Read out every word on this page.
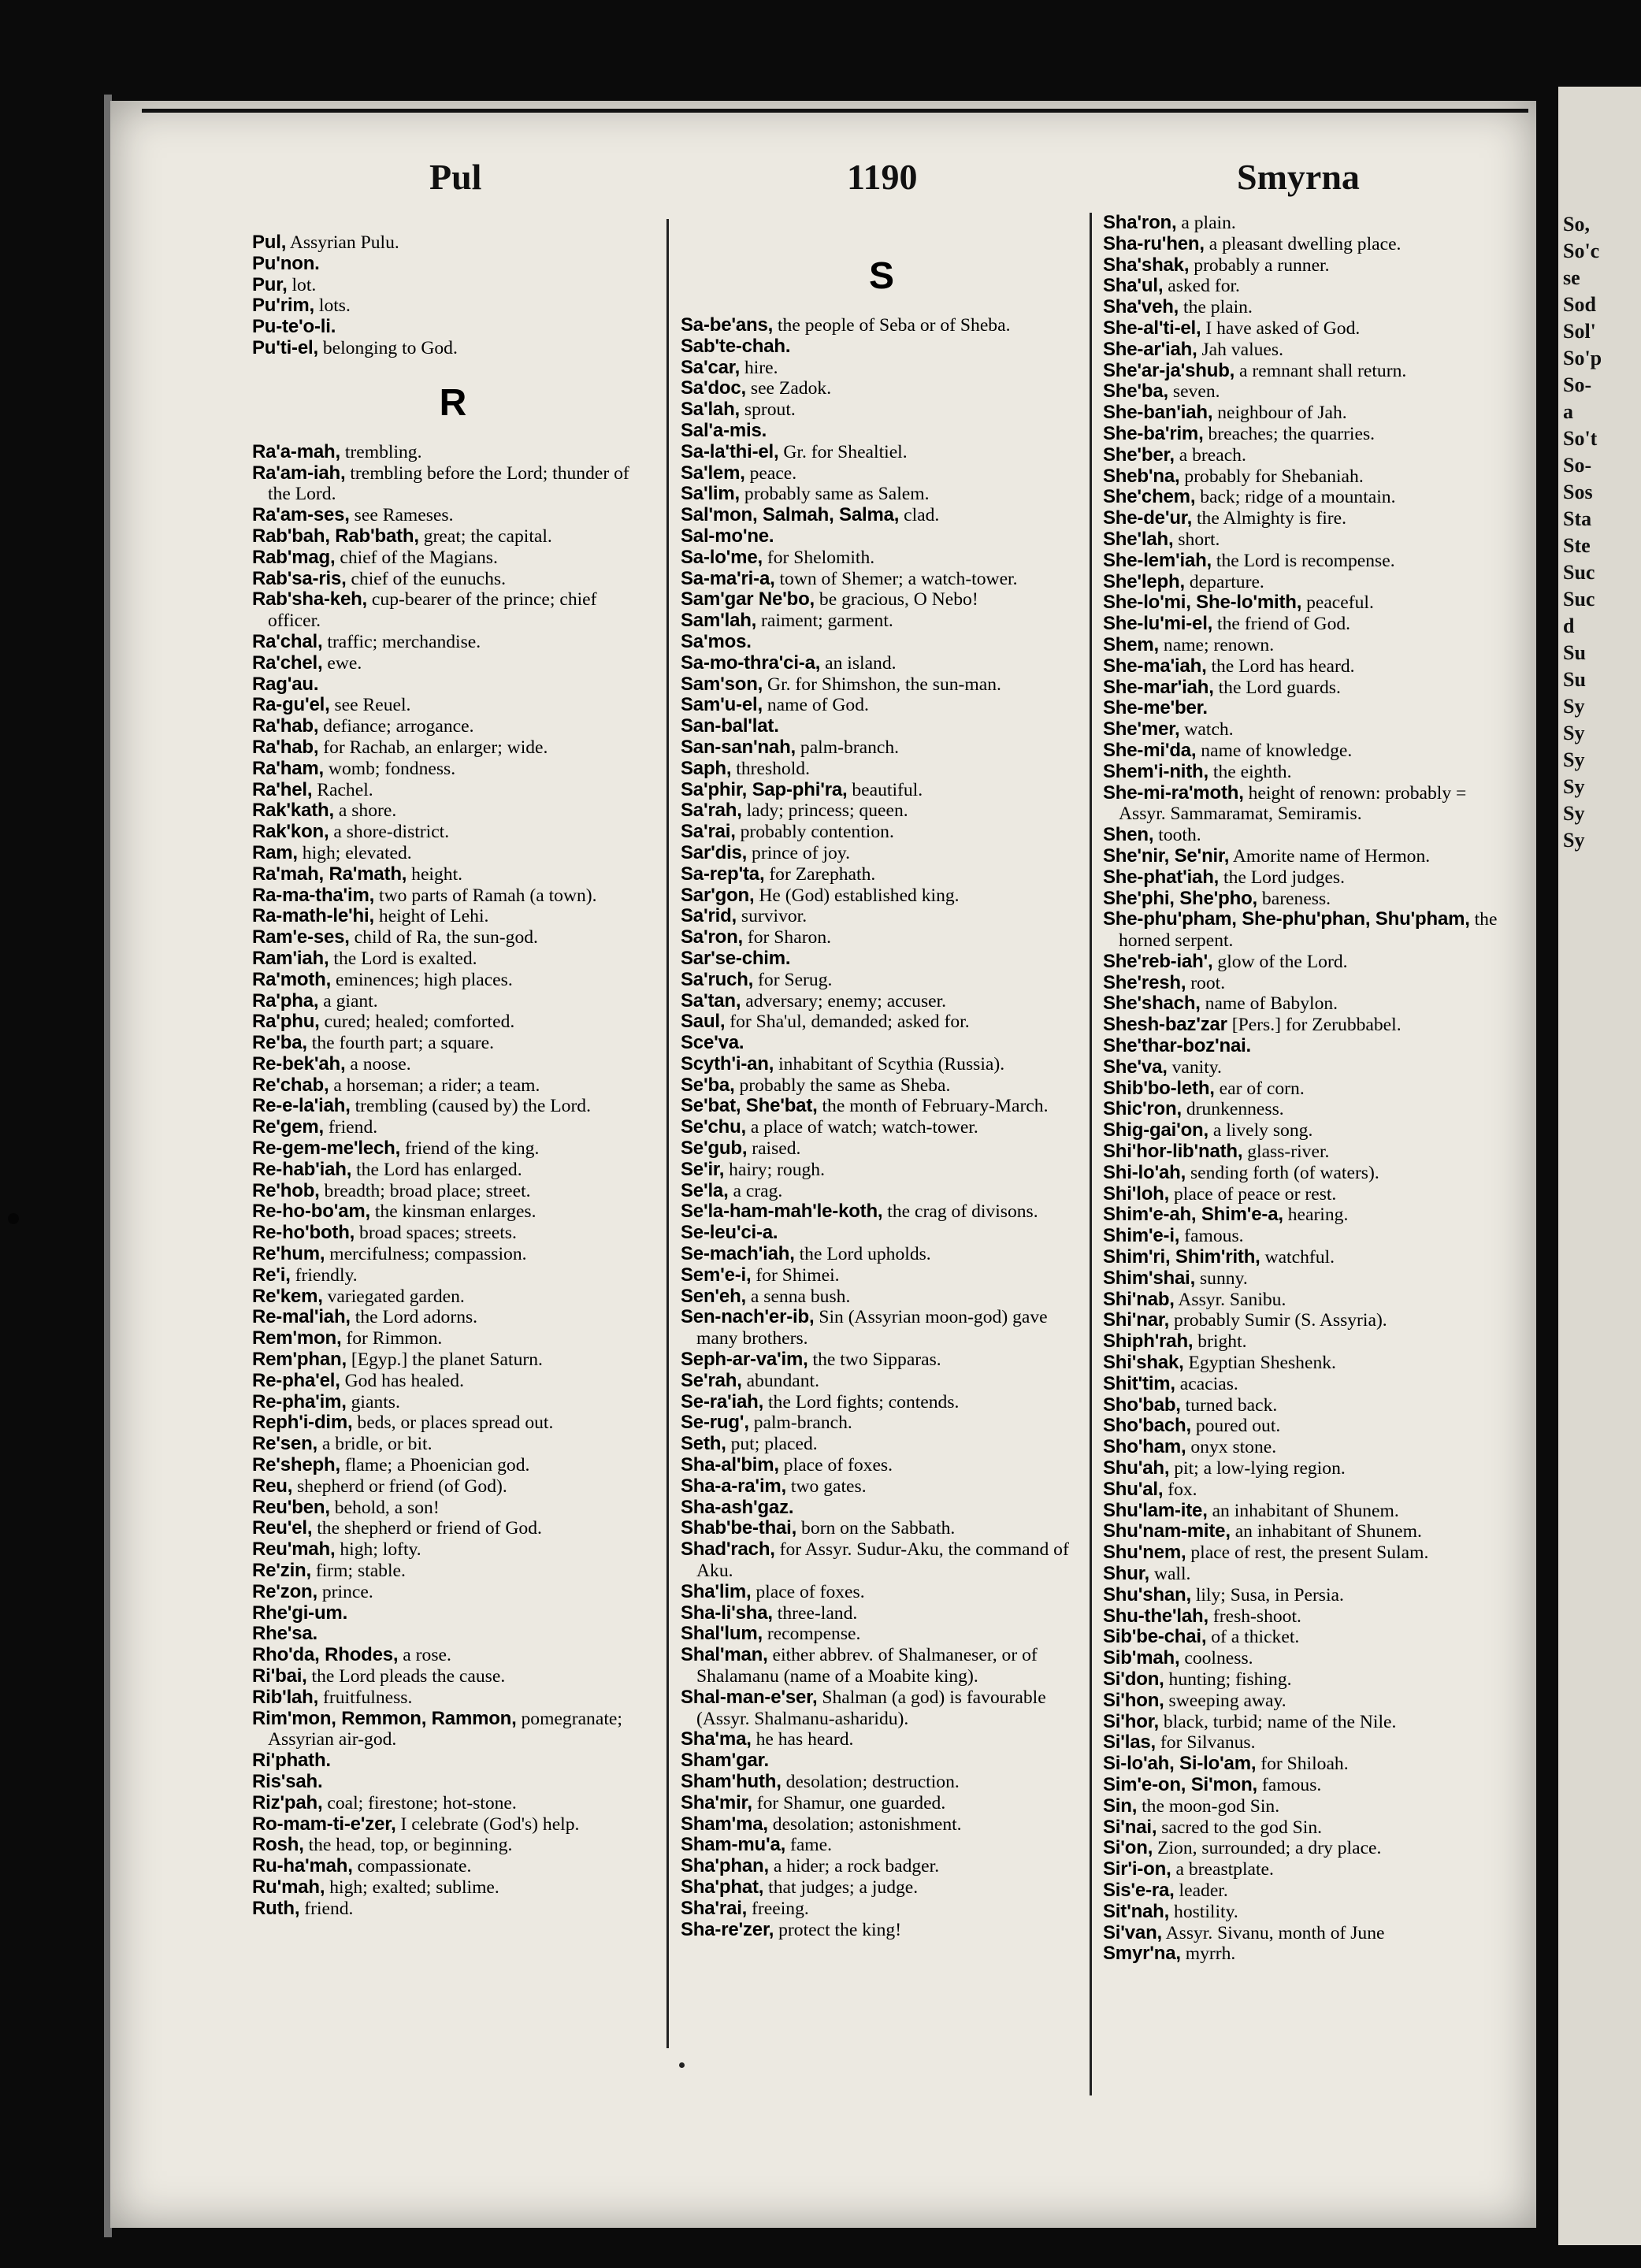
Pul	1190	Smyrna

Pul, Assyrian Pulu.

Pu'non.

Pur, lot.

Pu'rim, lots.

Pu-te'o-li.

Pu'ti-el, belonging to God.

R

Ra'a-mah, trembling.

Ra'am-iah, trembling before the Lord; thunder of the Lord.

Ra'am-ses, see Rameses.

Rab'bah, Rab'bath, great; the capital.

Rab'mag, chief of the Magians.

Rab'sa-ris, chief of the eunuchs.

Rab'sha-keh, cup-bearer of the prince; chief officer.

Ra'chal, traffic; merchandise.

Ra'chel, ewe.

Rag'au.

Ra-gu'el, see Reuel.

Ra'hab, defiance; arrogance.

Ra'hab, for Rachab, an enlarger; wide.

Ra'ham, womb; fondness.

Ra'hel, Rachel.

Rak'kath, a shore.

Rak'kon, a shore-district.

Ram, high; elevated.

Ra'mah, Ra'math, height.

Ra-ma-tha'im, two parts of Ramah (a town).

Ra-math-le'hi, height of Lehi.

Ram'e-ses, child of Ra, the sun-god.

Ram'iah, the Lord is exalted.

Ra'moth, eminences; high places.

Ra'pha, a giant.

Ra'phu, cured; healed; comforted.

Re'ba, the fourth part; a square.

Re-bek'ah, a noose.

Re'chab, a horseman; a rider; a team.

Re-e-la'iah, trembling (caused by) the Lord.

Re'gem, friend.

Re-gem-me'lech, friend of the king.

Re-hab'iah, the Lord has enlarged.

Re'hob, breadth; broad place; street.

Re-ho-bo'am, the kinsman enlarges.

Re-ho'both, broad spaces; streets.

Re'hum, mercifulness; compassion.

Re'i, friendly.

Re'kem, variegated garden.

Re-mal'iah, the Lord adorns.

Rem'mon, for Rimmon.

Rem'phan, [Egyp.] the planet Saturn.

Re-pha'el, God has healed.

Re-pha'im, giants.

Reph'i-dim, beds, or places spread out.

Re'sen, a bridle, or bit.

Re'sheph, flame; a Phoenician god.

Reu, shepherd or friend (of God).

Reu'ben, behold, a son!

Reu'el, the shepherd or friend of God.

Reu'mah, high; lofty.

Re'zin, firm; stable.

Re'zon, prince.

Rhe'gi-um.

Rhe'sa.

Rho'da, Rhodes, a rose.

Ri'bai, the Lord pleads the cause.

Rib'lah, fruitfulness.

Rim'mon, Remmon, Rammon, pomegranate; Assyrian air-god.

Ri'phath.

Ris'sah.

Riz'pah, coal; firestone; hot-stone.

Ro-mam-ti-e'zer, I celebrate (God's) help.

Rosh, the head, top, or beginning.

Ru-ha'mah, compassionate.

Ru'mah, high; exalted; sublime.

Ruth, friend.

S

Sa-be'ans, the people of Seba or of Sheba.

Sab'te-chah.

Sa'car, hire.

Sa'doc, see Zadok.

Sa'lah, sprout.

Sal'a-mis.

Sa-la'thi-el, Gr. for Shealtiel.

Sa'lem, peace.

Sa'lim, probably same as Salem.

Sal'mon, Salmah, Salma, clad.

Sal-mo'ne.

Sa-lo'me, for Shelomith.

Sa-ma'ri-a, town of Shemer; a watch-tower.

Sam'gar Ne'bo, be gracious, O Nebo!

Sam'lah, raiment; garment.

Sa'mos.

Sa-mo-thra'ci-a, an island.

Sam'son, Gr. for Shimshon, the sun-man.

Sam'u-el, name of God.

San-bal'lat.

San-san'nah, palm-branch.

Saph, threshold.

Sa'phir, Sap-phi'ra, beautiful.

Sa'rah, lady; princess; queen.

Sa'rai, probably contention.

Sar'dis, prince of joy.

Sa-rep'ta, for Zarephath.

Sar'gon, He (God) established king.

Sa'rid, survivor.

Sa'ron, for Sharon.

Sar'se-chim.

Sa'ruch, for Serug.

Sa'tan, adversary; enemy; accuser.

Saul, for Sha'ul, demanded; asked for.

Sce'va.

Scyth'i-an, inhabitant of Scythia (Russia).

Se'ba, probably the same as Sheba.

Se'bat, She'bat, the month of February-March.

Se'chu, a place of watch; watch-tower.

Se'gub, raised.

Se'ir, hairy; rough.

Se'la, a crag.

Se'la-ham-mah'le-koth, the crag of divisons.

Se-leu'ci-a.

Se-mach'iah, the Lord upholds.

Sem'e-i, for Shimei.

Sen'eh, a senna bush.

Sen-nach'er-ib, Sin (Assyrian moon-god) gave many brothers.

Seph-ar-va'im, the two Sipparas.

Se'rah, abundant.

Se-ra'iah, the Lord fights; contends.

Se-rug', palm-branch.

Seth, put; placed.

Sha-al'bim, place of foxes.

Sha-a-ra'im, two gates.

Sha-ash'gaz.

Shab'be-thai, born on the Sabbath.

Shad'rach, for Assyr. Sudur-Aku, the command of Aku.

Sha'lim, place of foxes.

Sha-li'sha, three-land.

Shal'lum, recompense.

Shal'man, either abbrev. of Shalmaneser, or of Shalamanu (name of a Moabite king).

Shal-man-e'ser, Shalman (a god) is favourable (Assyr. Shalmanu-asharidu).

Sha'ma, he has heard.

Sham'gar.

Sham'huth, desolation; destruction.

Sha'mir, for Shamur, one guarded.

Sham'ma, desolation; astonishment.

Sham-mu'a, fame.

Sha'phan, a hider; a rock badger.

Sha'phat, that judges; a judge.

Sha'rai, freeing.

Sha-re'zer, protect the king!

Sha'ron, a plain.

Sha-ru'hen, a pleasant dwelling place.

Sha'shak, probably a runner.

Sha'ul, asked for.

Sha'veh, the plain.

She-al'ti-el, I have asked of God.

She-ar'iah, Jah values.

She'ar-ja'shub, a remnant shall return.

She'ba, seven.

She-ban'iah, neighbour of Jah.

She-ba'rim, breaches; the quarries.

She'ber, a breach.

Sheb'na, probably for Shebaniah.

She'chem, back; ridge of a mountain.

She-de'ur, the Almighty is fire.

She'lah, short.

She-lem'iah, the Lord is recompense.

She'leph, departure.

She-lo'mi, She-lo'mith, peaceful.

She-lu'mi-el, the friend of God.

Shem, name; renown.

She-ma'iah, the Lord has heard.

She-mar'iah, the Lord guards.

She-me'ber.

She'mer, watch.

She-mi'da, name of knowledge.

Shem'i-nith, the eighth.

She-mi-ra'moth, height of renown: probably = Assyr. Sammaramat, Semiramis.

Shen, tooth.

She'nir, Se'nir, Amorite name of Hermon.

She-phat'iah, the Lord judges.

She'phi, She'pho, bareness.

She-phu'pham, She-phu'phan, Shu'pham, the horned serpent.

She'reb-iah', glow of the Lord.

She'resh, root.

She'shach, name of Babylon.

Shesh-baz'zar [Pers.] for Zerubbabel.

She'thar-boz'nai.

She'va, vanity.

Shib'bo-leth, ear of corn.

Shic'ron, drunkenness.

Shig-gai'on, a lively song.

Shi'hor-lib'nath, glass-river.

Shi-lo'ah, sending forth (of waters).

Shi'loh, place of peace or rest.

Shim'e-ah, Shim'e-a, hearing.

Shim'e-i, famous.

Shim'ri, Shim'rith, watchful.

Shim'shai, sunny.

Shi'nab, Assyr. Sanibu.

Shi'nar, probably Sumir (S. Assyria).

Shiph'rah, bright.

Shi'shak, Egyptian Sheshenk.

Shit'tim, acacias.

Sho'bab, turned back.

Sho'bach, poured out.

Sho'ham, onyx stone.

Shu'ah, pit; a low-lying region.

Shu'al, fox.

Shu'lam-ite, an inhabitant of Shunem.

Shu'nam-mite, an inhabitant of Shunem.

Shu'nem, place of rest, the present Sulam.

Shur, wall.

Shu'shan, lily; Susa, in Persia.

Shu-the'lah, fresh-shoot.

Sib'be-chai, of a thicket.

Sib'mah, coolness.

Si'don, hunting; fishing.

Si'hon, sweeping away.

Si'hor, black, turbid; name of the Nile.

Si'las, for Silvanus.

Si-lo'ah, Si-lo'am, for Shiloah.

Sim'e-on, Si'mon, famous.

Sin, the moon-god Sin.

Si'nai, sacred to the god Sin.

Si'on, Zion, surrounded; a dry place.

Sir'i-on, a breastplate.

Sis'e-ra, leader.

Sit'nah, hostility.

Si'van, Assyr. Sivanu, month of June

Smyr'na, myrrh.

So,
So'c
se
Sod
Sol'
So'p
So-
a
So't
So-
Sos
Sta
Ste
Suc
Suc
d
Su
Su
Sy
Sy
Sy
Sy
Sy
Sy
